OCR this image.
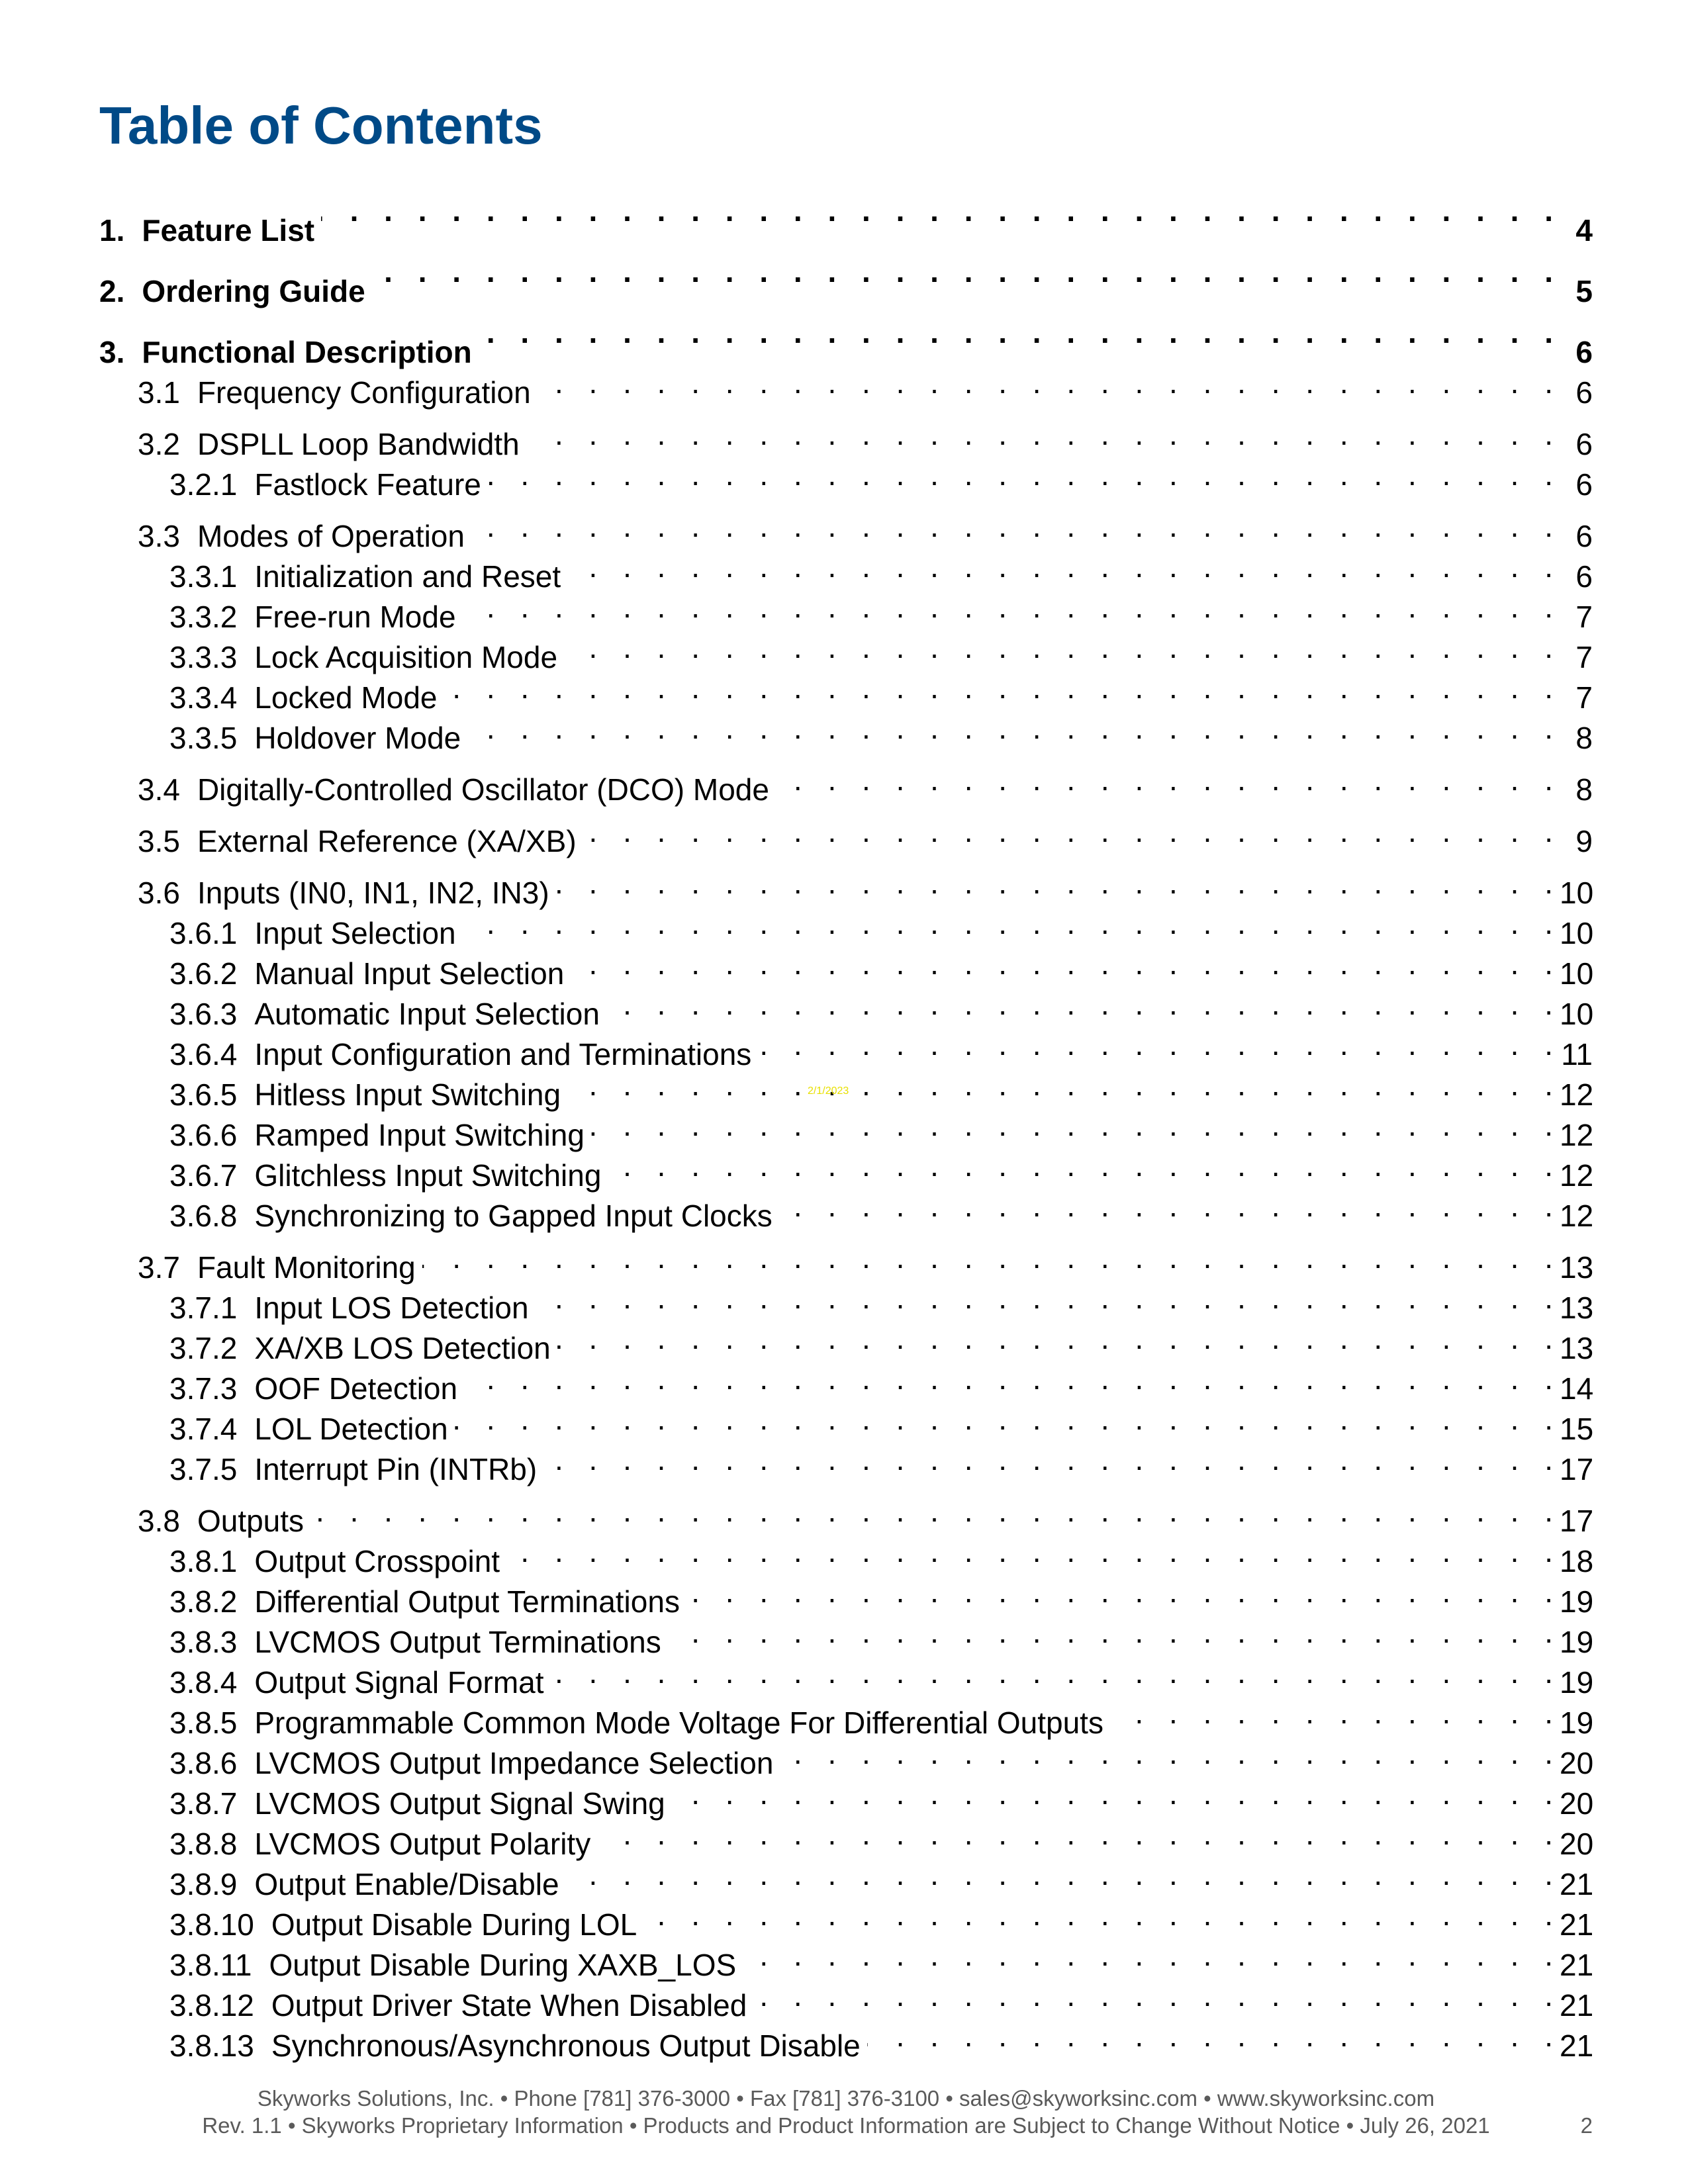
Table of Contents
1. Feature List . . .	4
2. Ordering Guide . . .	5
3. Functional Description . . .	6
3.1 Frequency Configuration . . .	6
3.2 DSPLL Loop Bandwidth . . .	6
3.2.1 Fastlock Feature . . .	6
3.3 Modes of Operation . . .	6
3.3.1 Initialization and Reset . . .	6
3.3.2 Free-run Mode . . .	7
3.3.3 Lock Acquisition Mode . . .	7
3.3.4 Locked Mode . . .	7
3.3.5 Holdover Mode . . .	8
3.4 Digitally-Controlled Oscillator (DCO) Mode . . .	8
3.5 External Reference (XA/XB) . . .	9
3.6 Inputs (IN0, IN1, IN2, IN3) . . .	10
3.6.1 Input Selection . . .	10
3.6.2 Manual Input Selection . . .	10
3.6.3 Automatic Input Selection . . .	10
3.6.4 Input Configuration and Terminations . . .	11
3.6.5 Hitless Input Switching . . .	12
3.6.6 Ramped Input Switching . . .	12
3.6.7 Glitchless Input Switching . . .	12
3.6.8 Synchronizing to Gapped Input Clocks . . .	12
3.7 Fault Monitoring . . .	13
3.7.1 Input LOS Detection . . .	13
3.7.2 XA/XB LOS Detection . . .	13
3.7.3 OOF Detection . . .	14
3.7.4 LOL Detection . . .	15
3.7.5 Interrupt Pin (INTRb) . . .	17
3.8 Outputs . . .	17
3.8.1 Output Crosspoint . . .	18
3.8.2 Differential Output Terminations . . .	19
3.8.3 LVCMOS Output Terminations . . .	19
3.8.4 Output Signal Format . . .	19
3.8.5 Programmable Common Mode Voltage For Differential Outputs . . .	19
3.8.6 LVCMOS Output Impedance Selection . . .	20
3.8.7 LVCMOS Output Signal Swing . . .	20
3.8.8 LVCMOS Output Polarity . . .	20
3.8.9 Output Enable/Disable . . .	21
3.8.10 Output Disable During LOL . . .	21
3.8.11 Output Disable During XAXB_LOS . . .	21
3.8.12 Output Driver State When Disabled . . .	21
3.8.13 Synchronous/Asynchronous Output Disable . . .	21
2/1/2023
Skyworks Solutions, Inc. • Phone [781] 376-3000 • Fax [781] 376-3100 • sales@skyworksinc.com • www.skyworksinc.com
Rev. 1.1 • Skyworks Proprietary Information • Products and Product Information are Subject to Change Without Notice • July 26, 2021	2
